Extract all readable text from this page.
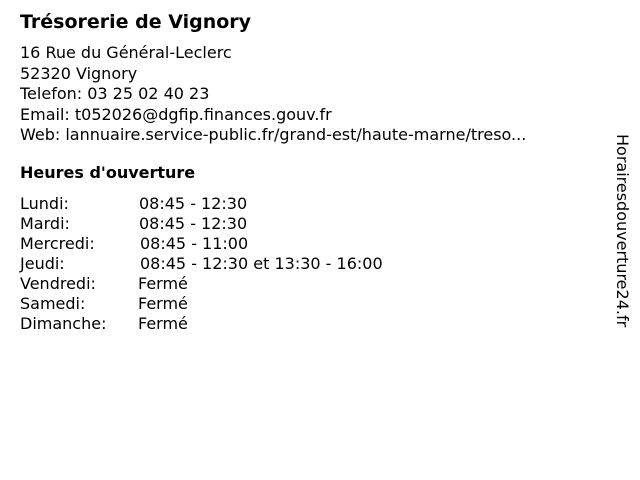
Trésorerie de Vignory
16 Rue du Général-Leclerc
52320 Vignory
Telefon: 03 25 02 40 23
Email: t052026@dgfip.finances.gouv.fr
Web: lannuaire.service-public.fr/grand-est/haute-marne/treso...
Heures d'ouverture
Lundi:	08:45 - 12:30
Mardi:	08:45 - 12:30
Mercredi:	08:45 - 11:00
Jeudi:	08:45 - 12:30 et 13:30 - 16:00
Vendredi:	Fermé
Samedi:	Fermé
Dimanche: Fermé	Horairesdouverture24.fr
